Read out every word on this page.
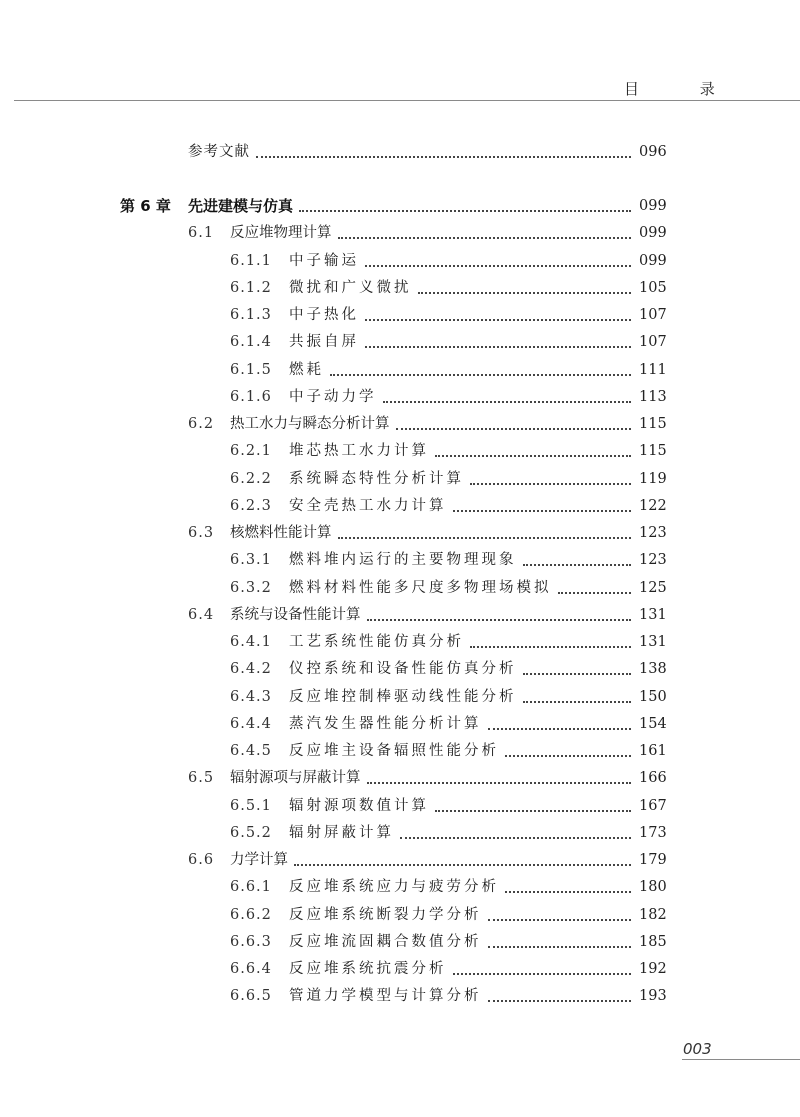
目 录
参考文献	096
第 6 章	先进建模与仿真	099
6.1	反应堆物理计算	099
6.1.1	中子输运	099
6.1.2	微扰和广义微扰	105
6.1.3	中子热化	107
6.1.4	共振自屏	107
6.1.5	燃耗	111
6.1.6	中子动力学	113
6.2	热工水力与瞬态分析计算	115
6.2.1	堆芯热工水力计算	115
6.2.2	系统瞬态特性分析计算	119
6.2.3	安全壳热工水力计算	122
6.3	核燃料性能计算	123
6.3.1	燃料堆内运行的主要物理现象	123
6.3.2	燃料材料性能多尺度多物理场模拟	125
6.4	系统与设备性能计算	131
6.4.1	工艺系统性能仿真分析	131
6.4.2	仪控系统和设备性能仿真分析	138
6.4.3	反应堆控制棒驱动线性能分析	150
6.4.4	蒸汽发生器性能分析计算	154
6.4.5	反应堆主设备辐照性能分析	161
6.5	辐射源项与屏蔽计算	166
6.5.1	辐射源项数值计算	167
6.5.2	辐射屏蔽计算	173
6.6	力学计算	179
6.6.1	反应堆系统应力与疲劳分析	180
6.6.2	反应堆系统断裂力学分析	182
6.6.3	反应堆流固耦合数值分析	185
6.6.4	反应堆系统抗震分析	192
6.6.5	管道力学模型与计算分析	193
003
